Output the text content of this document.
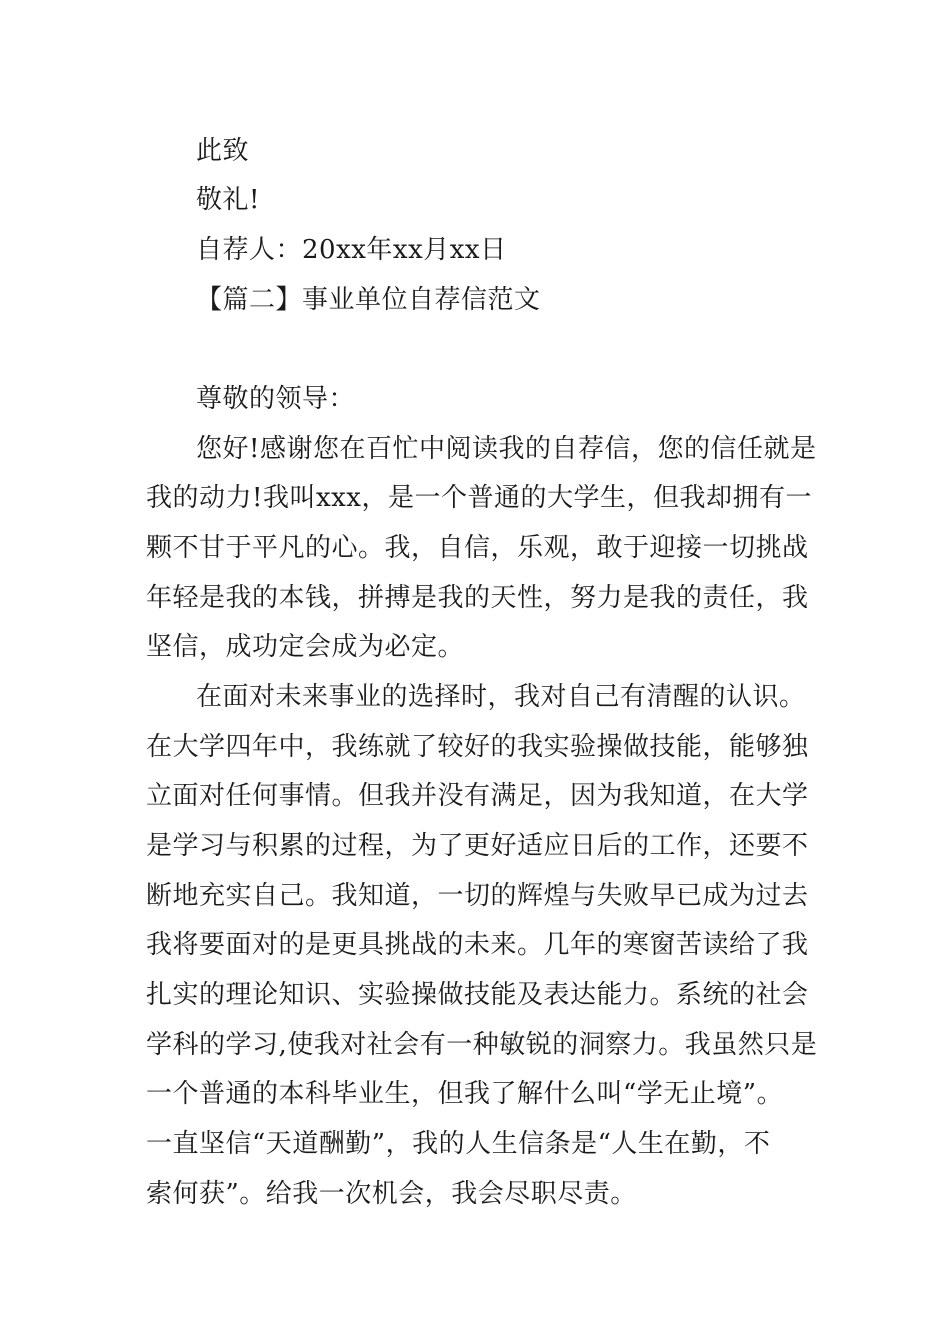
此致
敬礼!
自荐人：20xx年xx月xx日
【篇二】事业单位自荐信范文
尊敬的领导：
您好!感谢您在百忙中阅读我的自荐信，您的信任就是
我的动力!我叫xxx，是一个普通的大学生，但我却拥有一
颗不甘于平凡的心。我，自信，乐观，敢于迎接一切挑战
年轻是我的本钱，拼搏是我的天性，努力是我的责任，我
坚信，成功定会成为必定。
在面对未来事业的选择时，我对自己有清醒的认识。
在大学四年中，我练就了较好的我实验操做技能，能够独
立面对任何事情。但我并没有满足，因为我知道，在大学
是学习与积累的过程，为了更好适应日后的工作，还要不
断地充实自己。我知道，一切的辉煌与失败早已成为过去
我将要面对的是更具挑战的未来。几年的寒窗苦读给了我
扎实的理论知识、实验操做技能及表达能力。系统的社会
学科的学习,使我对社会有一种敏锐的洞察力。我虽然只是
一个普通的本科毕业生，但我了解什么叫“学无止境”。
一直坚信“天道酬勤”，我的人生信条是“人生在勤，不
索何获”。给我一次机会，我会尽职尽责。
